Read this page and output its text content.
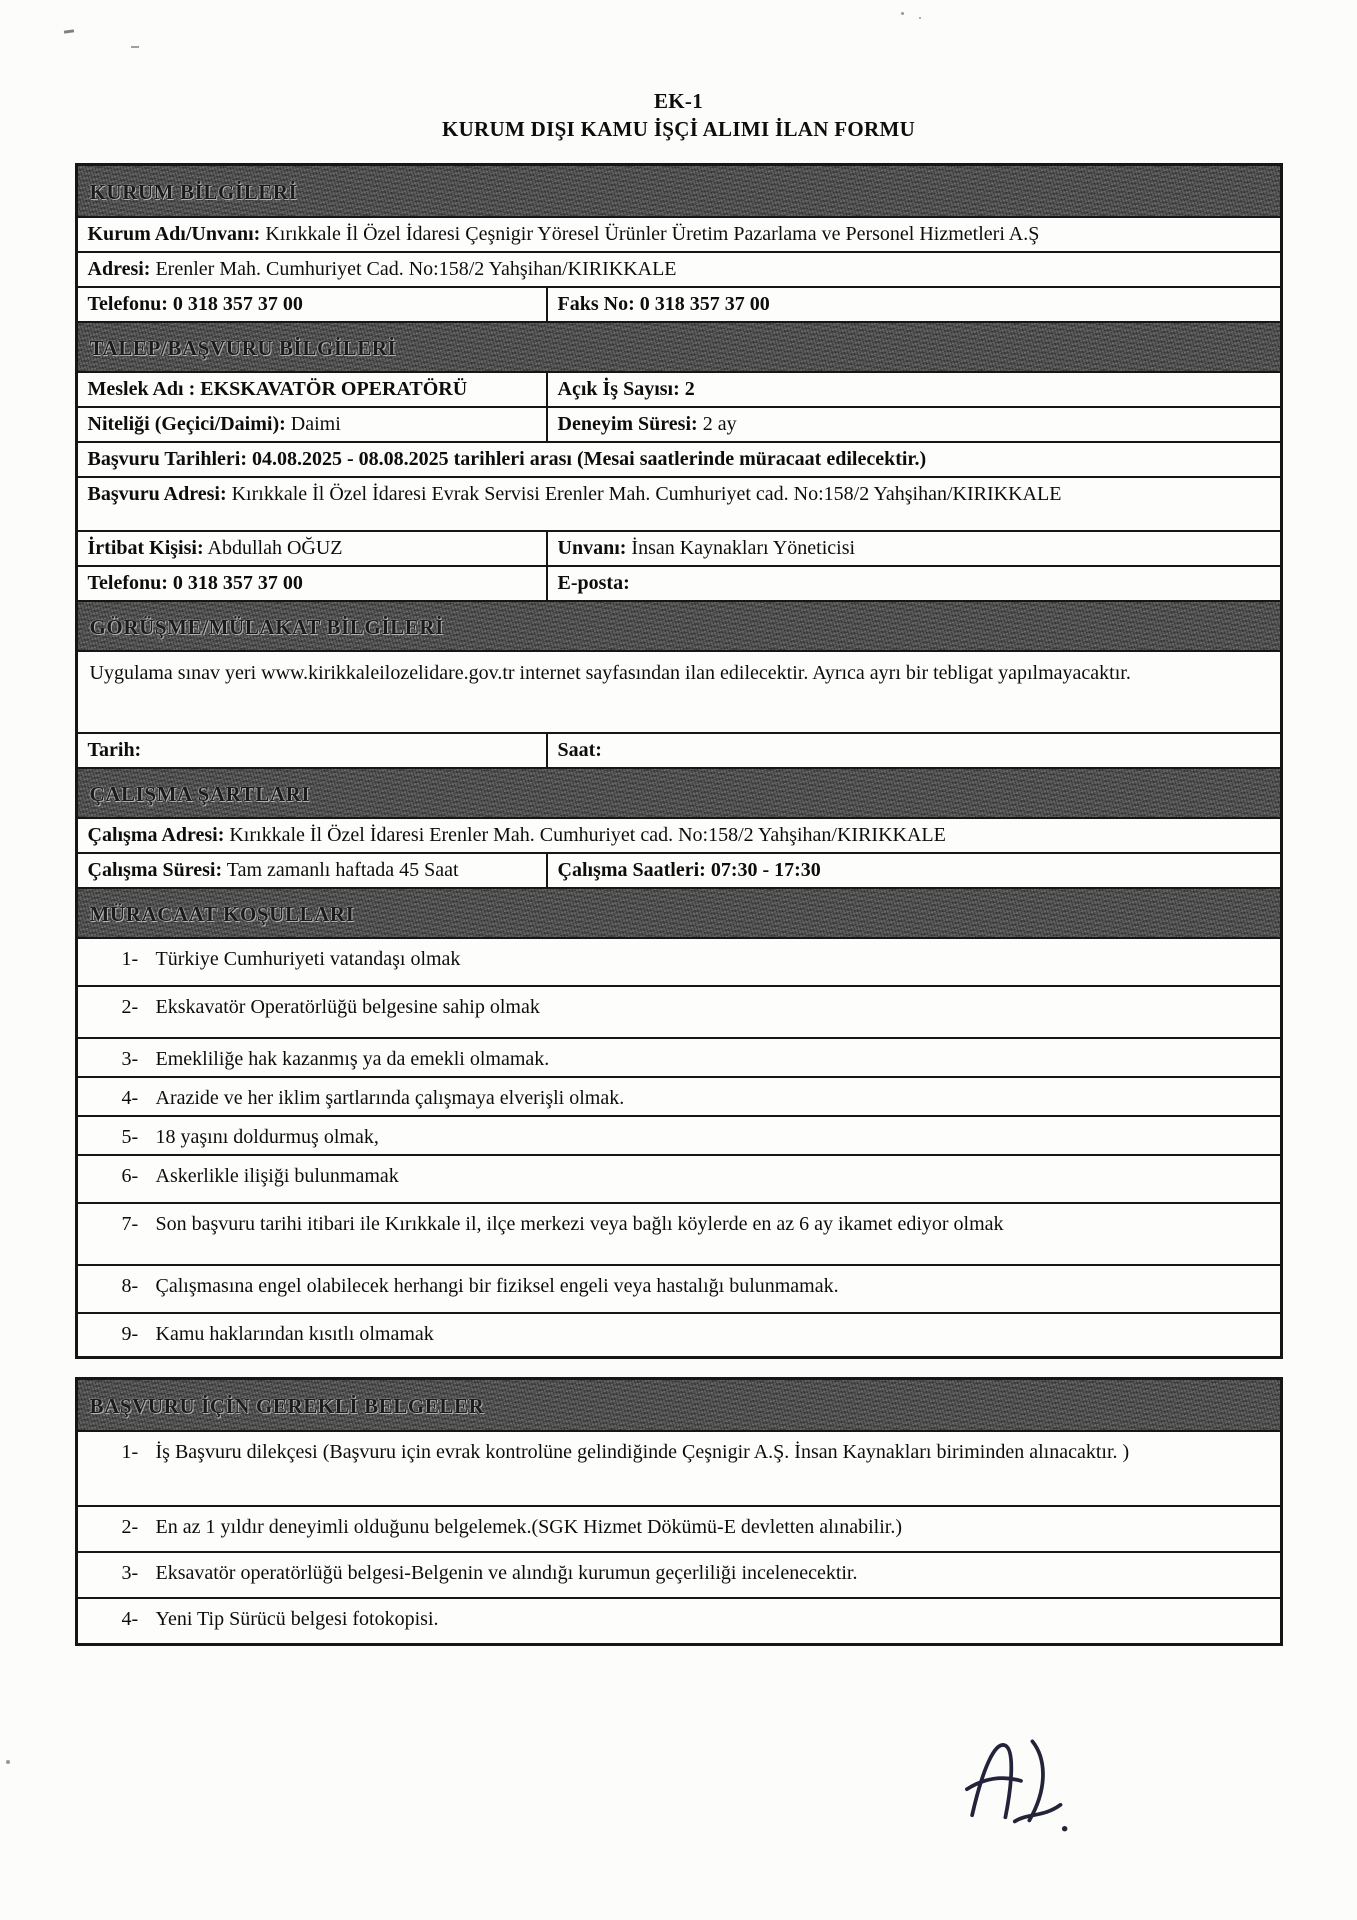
EK-1
KURUM DIŞI KAMU İŞÇİ ALIMI İLAN FORMU
KURUM BİLGİLERİ
Kurum Adı/Unvanı: Kırıkkale İl Özel İdaresi Çeşnigir Yöresel Ürünler Üretim Pazarlama ve Personel Hizmetleri A.Ş
Adresi: Erenler Mah. Cumhuriyet Cad. No:158/2 Yahşihan/KIRIKKALE
Telefonu: 0 318 357 37 00	Faks No: 0 318 357 37 00
TALEP/BAŞVURU BİLGİLERİ
Meslek Adı : EKSKAVATÖR OPERATÖRÜ	Açık İş Sayısı: 2
Niteliği (Geçici/Daimi): Daimi	Deneyim Süresi: 2 ay
Başvuru Tarihleri: 04.08.2025 - 08.08.2025 tarihleri arası (Mesai saatlerinde müracaat edilecektir.)
Başvuru Adresi: Kırıkkale İl Özel İdaresi Evrak Servisi Erenler Mah. Cumhuriyet cad. No:158/2 Yahşihan/KIRIKKALE
İrtibat Kişisi: Abdullah OĞUZ	Unvanı: İnsan Kaynakları Yöneticisi
Telefonu: 0 318 357 37 00	E-posta:
GÖRÜŞME/MÜLAKAT BİLGİLERİ
Uygulama sınav yeri www.kirikkaleilozelidare.gov.tr internet sayfasından ilan edilecektir. Ayrıca ayrı bir tebligat yapılmayacaktır.
Tarih:	Saat:
ÇALIŞMA ŞARTLARI
Çalışma Adresi: Kırıkkale İl Özel İdaresi Erenler Mah. Cumhuriyet cad. No:158/2 Yahşihan/KIRIKKALE
Çalışma Süresi: Tam zamanlı haftada 45 Saat	Çalışma Saatleri: 07:30 - 17:30
MÜRACAAT KOŞULLARI
1- Türkiye Cumhuriyeti vatandaşı olmak
2- Ekskavatör Operatörlüğü belgesine sahip olmak
3- Emekliliğe hak kazanmış ya da emekli olmamak.
4- Arazide ve her iklim şartlarında çalışmaya elverişli olmak.
5- 18 yaşını doldurmuş olmak,
6- Askerlikle ilişiği bulunmamak
7- Son başvuru tarihi itibari ile Kırıkkale il, ilçe merkezi veya bağlı köylerde en az 6 ay ikamet ediyor olmak
8- Çalışmasına engel olabilecek herhangi bir fiziksel engeli veya hastalığı bulunmamak.
9- Kamu haklarından kısıtlı olmamak
BAŞVURU İÇİN GEREKLİ BELGELER
1- İş Başvuru dilekçesi (Başvuru için evrak kontrolüne gelindiğinde Çeşnigir A.Ş. İnsan Kaynakları biriminden alınacaktır. )
2- En az 1 yıldır deneyimli olduğunu belgelemek.(SGK Hizmet Dökümü-E devletten alınabilir.)
3- Eksavatör operatörlüğü belgesi-Belgenin ve alındığı kurumun geçerliliği incelenecektir.
4- Yeni Tip Sürücü belgesi fotokopisi.
